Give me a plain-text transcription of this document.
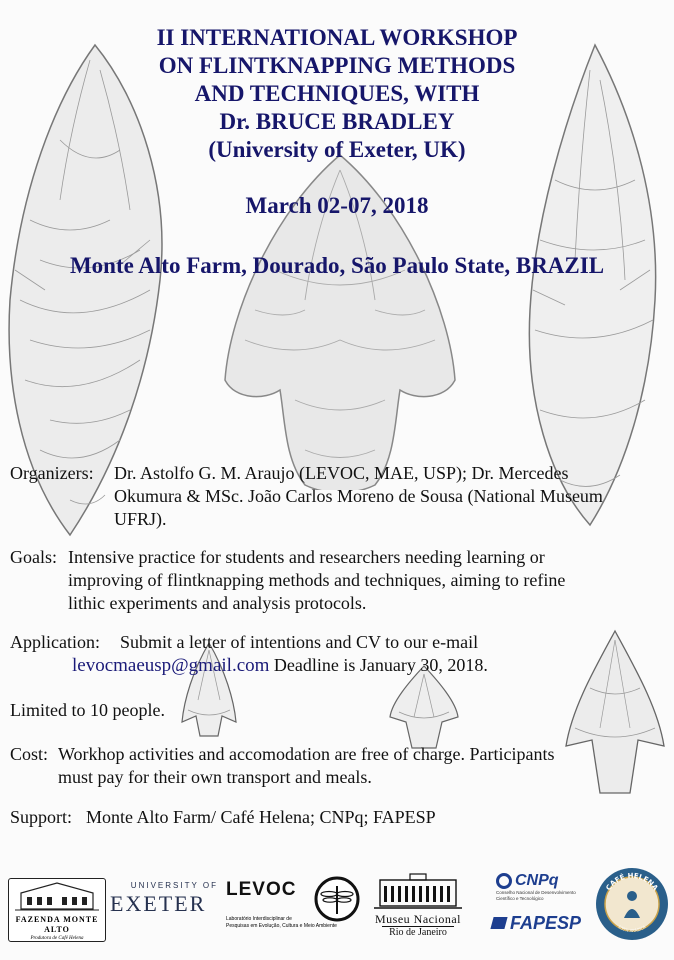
II INTERNATIONAL WORKSHOP
ON FLINTKNAPPING METHODS
AND TECHNIQUES, WITH
Dr. BRUCE BRADLEY
(University of Exeter, UK)
March 02-07, 2018
Monte Alto Farm, Dourado, São Paulo State, BRAZIL
Organizers: Dr. Astolfo G. M. Araujo (LEVOC, MAE, USP); Dr. Mercedes
Okumura & MSc. João Carlos Moreno de Sousa (National Museum
UFRJ).
Goals: Intensive practice for students and researchers needing learning or
improving of flintknapping methods and techniques, aiming to refine
lithic experiments and analysis protocols.
Application: Submit a letter of intentions and CV to our e-mail
levocmaeusp@gmail.com Deadline is January 30, 2018.
Limited to 10 people.
Cost: Workhop activities and accomodation are free of charge. Participants
must pay for their own transport and meals.
Support: Monte Alto Farm/ Café Helena; CNPq; FAPESP
FAZENDA MONTE ALTO
Produtora de Café Helena
UNIVERSITY OF
EXETER
LEVOC
Laboratório Interdisciplinar de
Pesquisas em Evolução, Cultura e Meio Ambiente	Museu Nacional
Rio de Janeiro
CNPq
Conselho Nacional de Desenvolvimento
Científico e Tecnológico
FAPESP
CAFÉ HELENA
100% ARÁBICA
